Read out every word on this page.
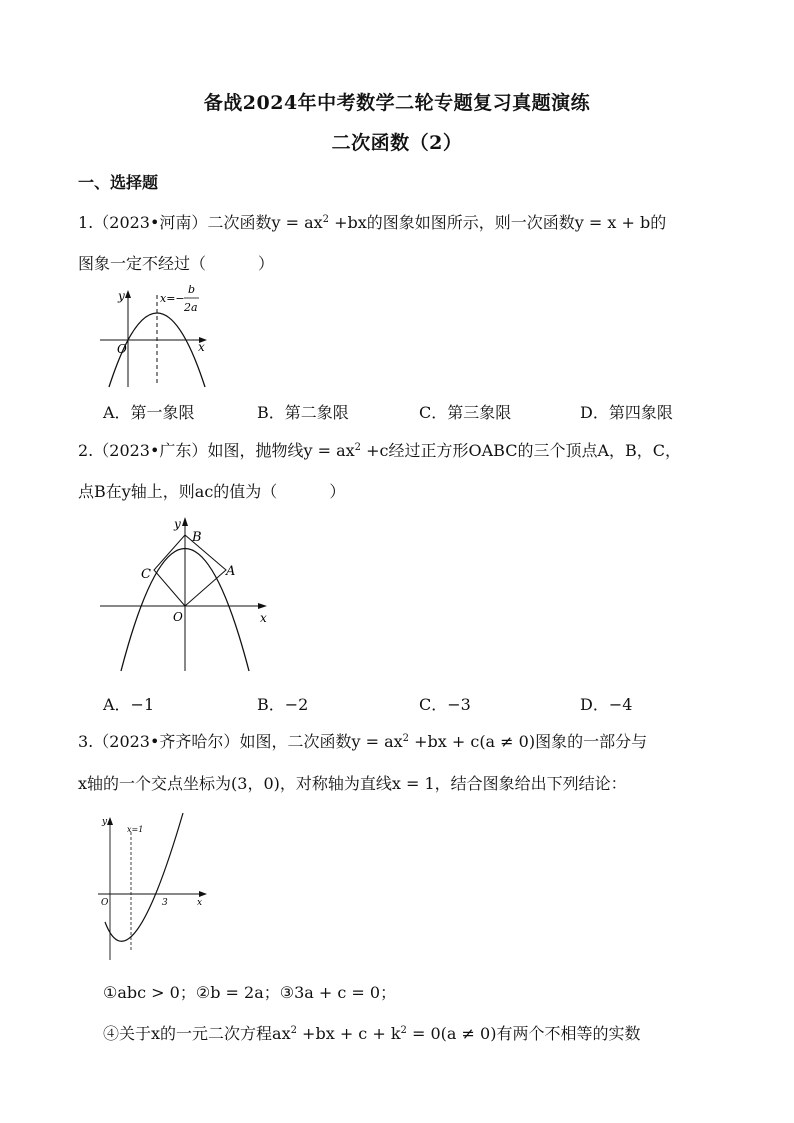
备战2024年中考数学二轮专题复习真题演练
二次函数（2）
一、选择题
1.（2023•河南）二次函数$y = ax^2 +bx$的图象如图所示，则一次函数y = x + b的
图象一定不经过（	）
y
x
O
x=−
b
2a
A．第一象限	B．第二象限	C．第三象限	D．第四象限
2.（2023•广东）如图，抛物线$y = ax^2 +c$经过正方形OABC的三个顶点A，B，C，
点B在y轴上，则ac的值为（	）
y
x
O
B
A
C
A．−1	B．−2	C．−3	D．−4
3.（2023•齐齐哈尔）如图，二次函数$y = ax^2 +bx + c(a \ne 0)$图象的一部分与
x轴的一个交点坐标为(3，0)，对称轴为直线x = 1，结合图象给出下列结论：
y
x
O
x=1
3
①abc > 0；②b = 2a；③3a + c = 0；
④关于x的一元二次方程$ax^2 +bx + c + k^2 = 0(a \ne 0)$有两个不相等的实数
